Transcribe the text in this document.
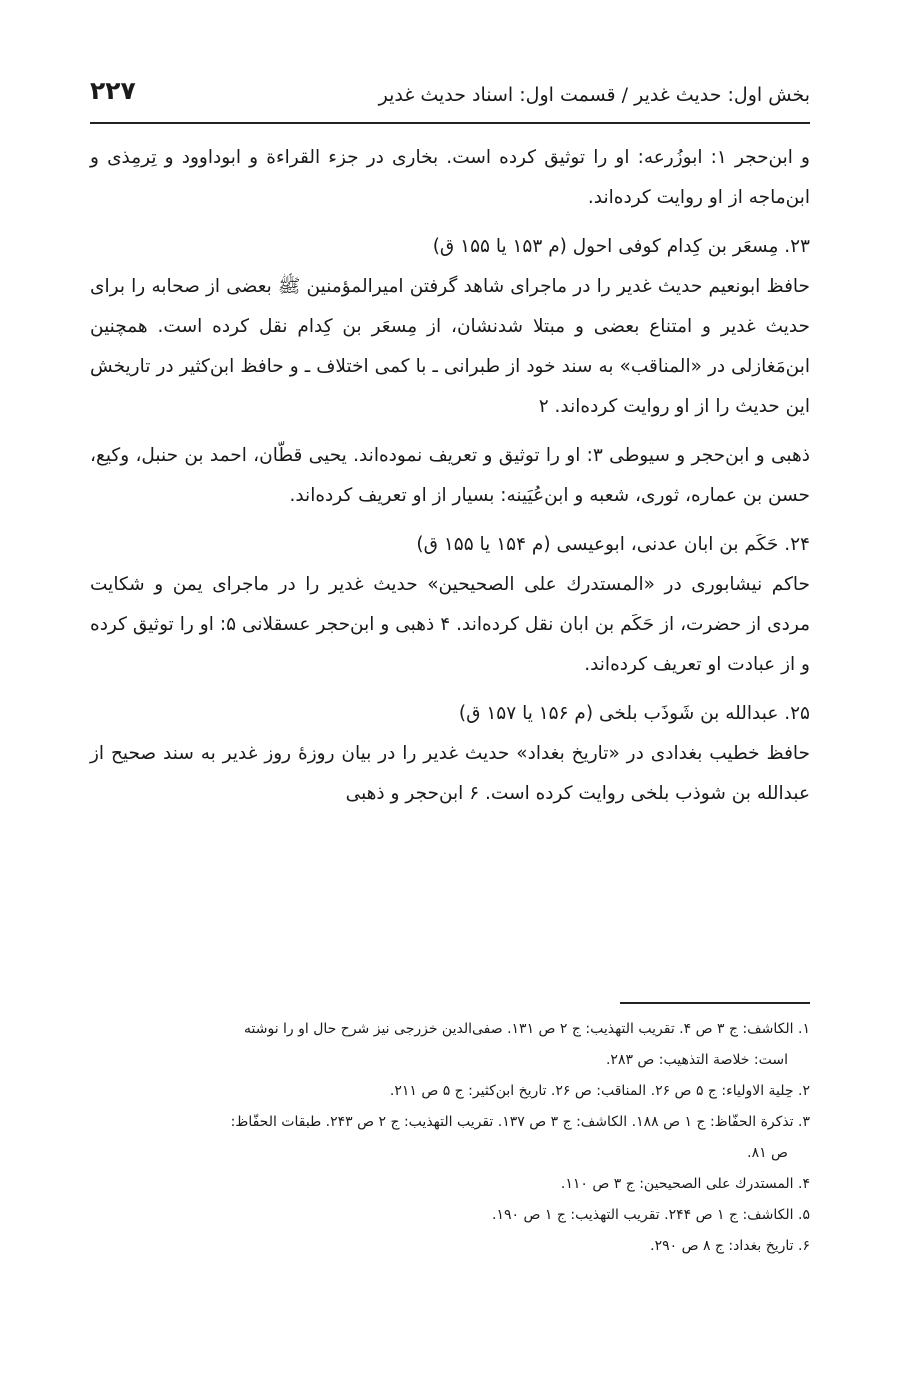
۲۲۷	بخش اول: حدیث غدیر / قسمت اول: اسناد حدیث غدیر

و ابن‌حجر ۱: ابوزُرعه: او را توثیق کرده است. بخاری در جزء القراءة و ابوداوود و تِرمِذی و ابن‌ماجه از او روایت کرده‌اند.

۲۳. مِسعَر بن کِدام کوفی احول (م ۱۵۳ یا ۱۵۵ ق)

حافظ ابونعیم حدیث غدیر را در ماجرای شاهد گرفتن امیرالمؤمنین ﷺ بعضی از صحابه را برای حدیث غدیر و امتناع بعضی و مبتلا شدنشان، از مِسعَر بن کِدام نقل کرده است. همچنین ابن‌مَغازلی در «المناقب» به سند خود از طبرانی ـ با کمی اختلاف ـ و حافظ ابن‌کثیر در تاریخش این حدیث را از او روایت کرده‌اند. ۲

ذهبی و ابن‌حجر و سیوطی ۳: او را توثیق و تعریف نموده‌اند. یحیی قطّان، احمد بن حنبل، وکیع، حسن بن عماره، ثوری، شعبه و ابن‌عُیَینه: بسیار از او تعریف کرده‌اند.

۲۴. حَکَم بن ابان عدنی، ابوعیسی (م ۱۵۴ یا ۱۵۵ ق)

حاکم نیشابوری در «المستدرك علی الصحیحین» حدیث غدیر را در ماجرای یمن و شکایت مردی از حضرت، از حَکَم بن ابان نقل کرده‌اند. ۴ ذهبی و ابن‌حجر عسقلانی ۵: او را توثیق کرده و از عبادت او تعریف کرده‌اند.

۲۵. عبدالله بن شَوذَب بلخی (م ۱۵۶ یا ۱۵۷ ق)

حافظ خطیب بغدادی در «تاریخ بغداد» حدیث غدیر را در بیان روزهٔ روز غدیر به سند صحیح از عبدالله بن شوذب بلخی روایت کرده است. ۶ ابن‌حجر و ذهبی

۱. الکاشف: ج ۳ ص ۴. تقریب التهذیب: ج ۲ ص ۱۳۱. صفی‌الدین خزرجی نیز شرح حال او را نوشته

است: خلاصة التذهیب: ص ۲۸۳.

۲. حِلیة الاولیاء: ج ۵ ص ۲۶. المناقب: ص ۲۶. تاریخ ابن‌کثیر: ج ۵ ص ۲۱۱.

۳. تذکرة الحفّاظ: ج ۱ ص ۱۸۸. الکاشف: ج ۳ ص ۱۳۷. تقریب التهذیب: ج ۲ ص ۲۴۳. طبقات الحفّاظ:

ص ۸۱.

۴. المستدرك علی الصحیحین: ج ۳ ص ۱۱۰.

۵. الکاشف: ج ۱ ص ۲۴۴. تقریب التهذیب: ج ۱ ص ۱۹۰.

۶. تاریخ بغداد: ج ۸ ص ۲۹۰.
